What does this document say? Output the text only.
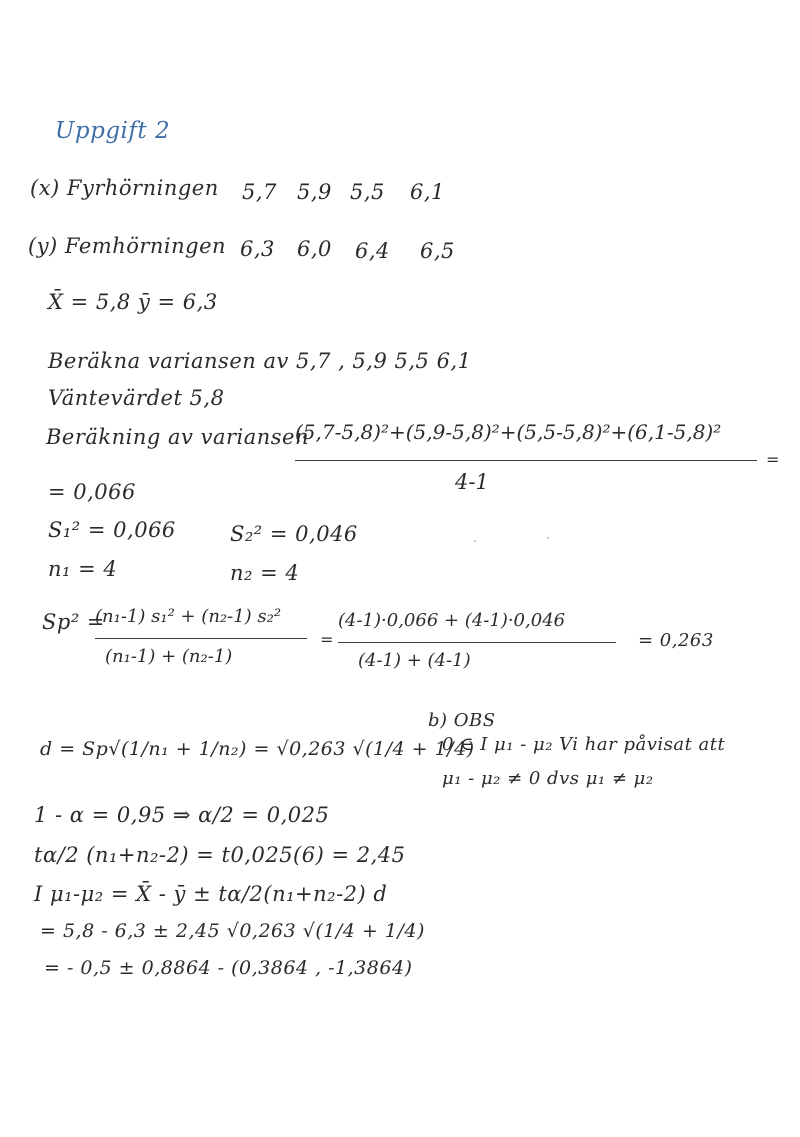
Uppgift 2
(x) Fyrhörningen 5,7 5,9 5,5 6,1
(y) Femhörningen 6,3 6,0 6,4 6,5
X̄ = 5,8 ȳ = 6,3
Beräkna variansen av 5,7 , 5,9 5,5 6,1
Väntevärdet 5,8
Beräkning av variansen
(5,7-5,8)²+(5,9-5,8)²+(5,5-5,8)²+(6,1-5,8)²
4-1
=
= 0,066
S₁² = 0,066	S₂² = 0,046
n₁ = 4	n₂ = 4
Sp² =
(n₁-1) s₁² + (n₂-1) s₂²
(n₁-1) + (n₂-1)
=
(4-1)·0,066 + (4-1)·0,046
(4-1) + (4-1)
= 0,263
d = Sp√(1/n₁ + 1/n₂) = √0,263 √(1/4 + 1/4)
b) OBS
0 ∈ I μ₁ - μ₂ Vi har påvisat att
μ₁ - μ₂ ≠ 0 dvs μ₁ ≠ μ₂
1 - α = 0,95 ⇒ α/2 = 0,025
tα/2 (n₁+n₂-2) = t0,025(6) = 2,45
I μ₁-μ₂ = X̄ - ȳ ± tα/2(n₁+n₂-2) d
= 5,8 - 6,3 ± 2,45 √0,263 √(1/4 + 1/4)
= - 0,5 ± 0,8864 - (0,3864 , -1,3864)
